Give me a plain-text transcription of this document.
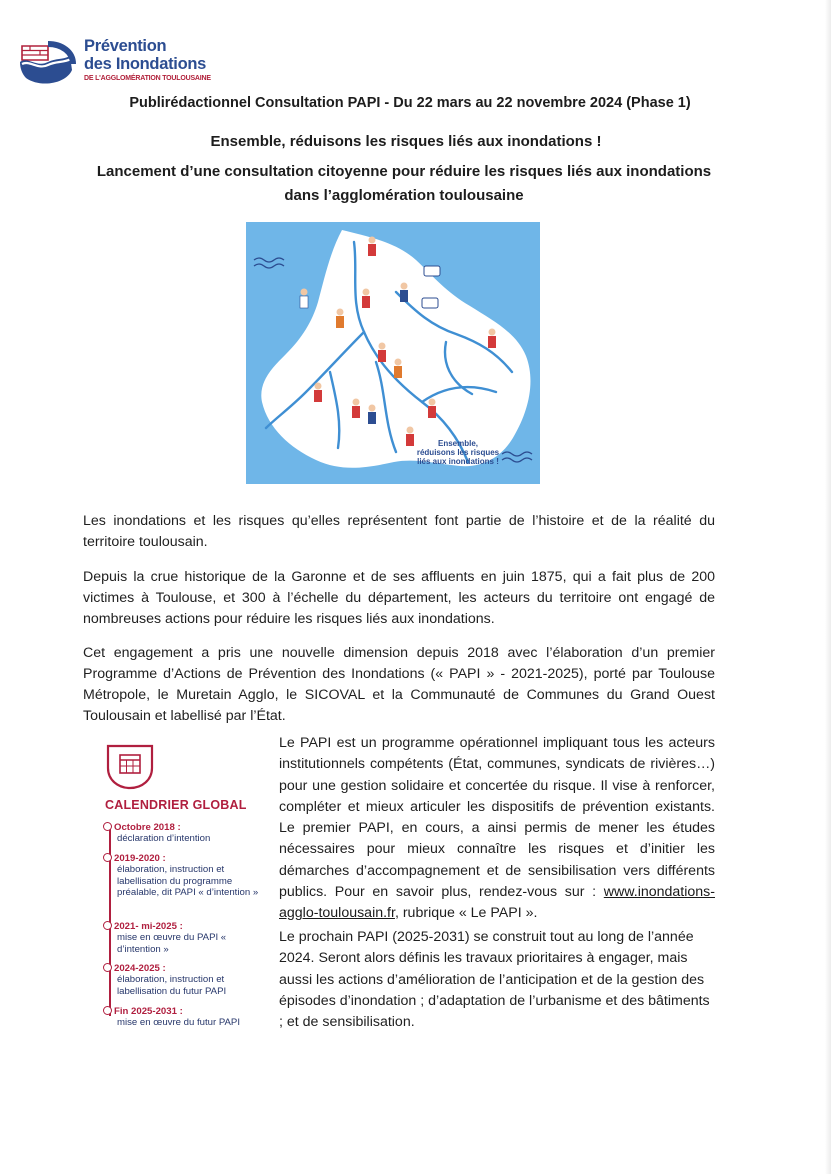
Prévention
des Inondations
DE L'AGGLOMÉRATION TOULOUSAINE
Publirédactionnel Consultation PAPI - Du 22 mars au 22 novembre 2024 (Phase 1)
Ensemble, réduisons les risques liés aux inondations !
Lancement d’une consultation citoyenne pour réduire les risques liés aux inondations
dans l’agglomération toulousaine
Ensemble,
réduisons les risques
liés aux inondations !
Les inondations et les risques qu’elles représentent font partie de l’histoire et de la réalité du territoire toulousain.
Depuis la crue historique de la Garonne et de ses affluents en juin 1875, qui a fait plus de 200 victimes à Toulouse, et 300 à l’échelle du département, les acteurs du territoire ont engagé de nombreuses actions pour réduire les risques liés aux inondations.
Cet engagement a pris une nouvelle dimension depuis 2018 avec l’élaboration d’un premier Programme d’Actions de Prévention des Inondations (« PAPI » - 2021-2025), porté par Toulouse Métropole, le Muretain Agglo, le SICOVAL et la Communauté de Communes du Grand Ouest Toulousain et labellisé par l’État.
Le PAPI est un programme opérationnel impliquant tous les acteurs institutionnels compétents (État, communes, syndicats de rivières…) pour une gestion solidaire et concertée du risque. Il vise à renforcer, compléter et mieux articuler les dispositifs de prévention existants. Le premier PAPI, en cours, a ainsi permis de mener les études nécessaires pour mieux connaître les risques et d’initier les démarches d’accompagnement et de sensibilisation vers différents publics. Pour en savoir plus, rendez-vous sur : www.inondations-agglo-toulousain.fr, rubrique « Le PAPI ».
Le prochain PAPI (2025-2031) se construit tout au long de l’année 2024. Seront alors définis les travaux prioritaires à engager, mais aussi les actions d’amélioration de l’anticipation et de la gestion des épisodes d’inondation ; d’adaptation de l’urbanisme et des bâtiments ; et de sensibilisation.
CALENDRIER GLOBAL
Octobre 2018 :
déclaration d’intention
2019-2020 :
élaboration, instruction et labellisation du programme préalable, dit PAPI « d’intention »
2021- mi-2025 :
mise en œuvre du PAPI « d’intention »
2024-2025 :
élaboration, instruction et labellisation du futur PAPI
Fin 2025-2031 :
mise en œuvre du futur PAPI
